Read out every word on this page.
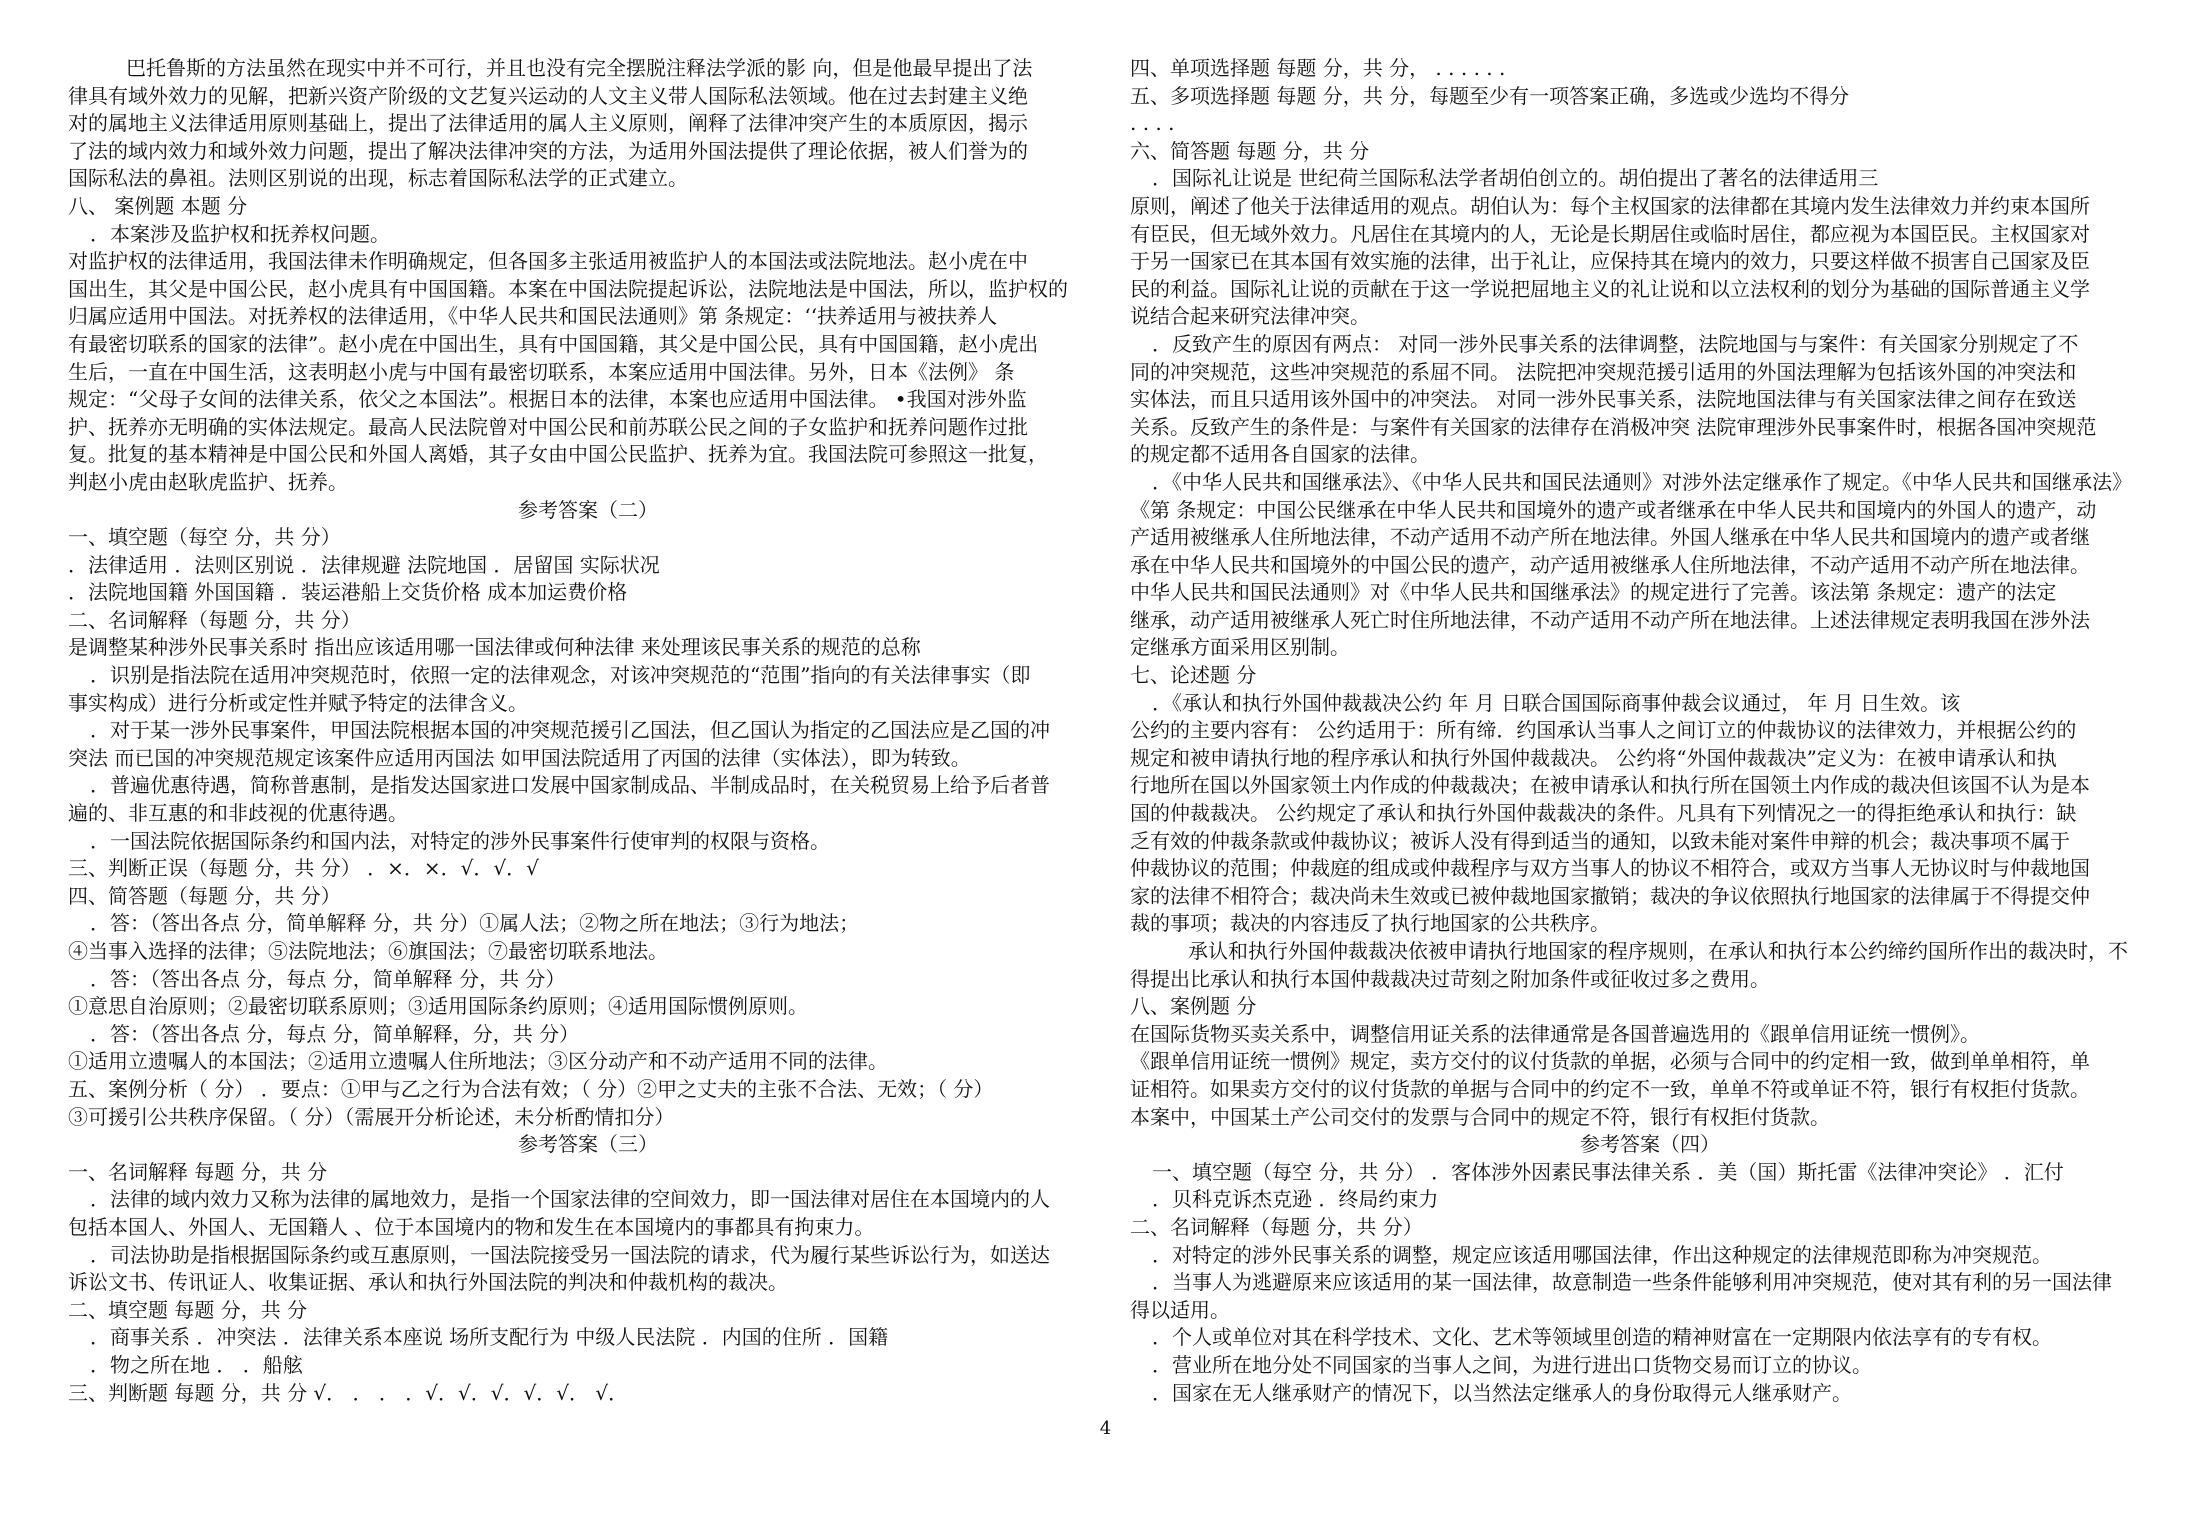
巴托鲁斯的方法虽然在现实中并不可行，并且也没有完全摆脱注释法学派的影 向，但是他最早提出了法
律具有域外效力的见解，把新兴资产阶级的文艺复兴运动的人文主义带人国际私法领域。他在过去封建主义绝
对的属地主义法律适用原则基础上，提出了法律适用的属人主义原则，阐释了法律冲突产生的本质原因，揭示
了法的域内效力和域外效力问题，提出了解决法律冲突的方法，为适用外国法提供了理论依据，被人们誉为的
国际私法的鼻祖。法则区别说的出现，标志着国际私法学的正式建立。
八、 案例题 本题 分
．本案涉及监护权和抚养权问题。
对监护权的法律适用，我国法律未作明确规定，但各国多主张适用被监护人的本国法或法院地法。赵小虎在中
国出生，其父是中国公民，赵小虎具有中国国籍。本案在中国法院提起诉讼，法院地法是中国法，所以，监护权的
归属应适用中国法。对抚养权的法律适用，《中华人民共和国民法通则》第 条规定：‘‘扶养适用与被扶养人
有最密切联系的国家的法律”。赵小虎在中国出生，具有中国国籍，其父是中国公民，具有中国国籍，赵小虎出
生后，一直在中国生活，这表明赵小虎与中国有最密切联系，本案应适用中国法律。另外，日本《法例》 条
规定：“父母子女间的法律关系，依父之本国法”。根据日本的法律，本案也应适用中国法律。 •我国对涉外监
护、抚养亦无明确的实体法规定。最高人民法院曾对中国公民和前苏联公民之间的子女监护和抚养问题作过批
复。批复的基本精神是中国公民和外国人离婚，其子女由中国公民监护、抚养为宜。我国法院可参照这一批复，
判赵小虎由赵耿虎监护、抚养。
参考答案（二）
一、填空题（每空 分，共 分）
．法律适用 ．法则区别说 ．法律规避 法院地国 ．居留国 实际状况
．法院地国籍 外国国籍 ．装运港船上交货价格 成本加运费价格
二、名词解释（每题 分，共 分）
是调整某种涉外民事关系时 指出应该适用哪一国法律或何种法律 来处理该民事关系的规范的总称
．识别是指法院在适用冲突规范时，依照一定的法律观念，对该冲突规范的“范围”指向的有关法律事实（即
事实构成）进行分析或定性并赋予特定的法律含义。
．对于某一涉外民事案件，甲国法院根据本国的冲突规范援引乙国法，但乙国认为指定的乙国法应是乙国的冲
突法 而已国的冲突规范规定该案件应适用丙国法 如甲国法院适用了丙国的法律（实体法），即为转致。
．普遍优惠待遇，简称普惠制，是指发达国家进口发展中国家制成品、半制成品时，在关税贸易上给予后者普
遍的、非互惠的和非歧视的优惠待遇。
．一国法院依据国际条约和国内法，对特定的涉外民事案件行使审判的权限与资格。
三、判断正误（每题 分，共 分） ．×．×．√．√．√
四、简答题（每题 分，共 分）
．答：（答出各点 分，简单解释 分，共 分）①属人法；②物之所在地法；③行为地法；
④当事入选择的法律；⑤法院地法；⑥旗国法；⑦最密切联系地法。
．答：（答出各点 分，每点 分，简单解释 分，共 分）
①意思自治原则；②最密切联系原则；③适用国际条约原则；④适用国际惯例原则。
．答：（答出各点 分，每点 分，简单解释，分，共 分）
①适用立遗嘱人的本国法；②适用立遗嘱人住所地法；③区分动产和不动产适用不同的法律。
五、案例分析（ 分） ．要点：①甲与乙之行为合法有效；（ 分）②甲之丈夫的主张不合法、无效；（ 分）
③可援引公共秩序保留。（ 分）（需展开分析论述，未分析酌情扣分）
参考答案（三）
一、名词解释 每题 分，共 分
．法律的域内效力又称为法律的属地效力，是指一个国家法律的空间效力，即一国法律对居住在本国境内的人
包括本国人、外国人、无国籍人 、位于本国境内的物和发生在本国境内的事都具有拘束力。
．司法协助是指根据国际条约或互惠原则，一国法院接受另一国法院的请求，代为履行某些诉讼行为，如送达
诉讼文书、传讯证人、收集证据、承认和执行外国法院的判决和仲裁机构的裁决。
二、填空题 每题 分，共 分
．商事关系 ．冲突法 ．法律关系本座说 场所支配行为 中级人民法院 ．内国的住所 ．国籍
．物之所在地 ． ．船舷
三、判断题 每题 分，共 分 √． ． ． ．√．√．√．√．√． √．
四、单项选择题 每题 分，共 分， . . . . . .
五、多项选择题 每题 分，共 分，每题至少有一项答案正确，多选或少选均不得分
. . . .
六、简答题 每题 分，共 分
．国际礼让说是 世纪荷兰国际私法学者胡伯创立的。胡伯提出了著名的法律适用三
原则，阐述了他关于法律适用的观点。胡伯认为：每个主权国家的法律都在其境内发生法律效力并约束本国所
有臣民，但无域外效力。凡居住在其境内的人，无论是长期居住或临时居住，都应视为本国臣民。主权国家对
于另一国家已在其本国有效实施的法律，出于礼让，应保持其在境内的效力，只要这样做不损害自己国家及臣
民的利益。国际礼让说的贡献在于这一学说把屈地主义的礼让说和以立法权利的划分为基础的国际普通主义学
说结合起来研究法律冲突。
．反致产生的原因有两点： 对同一涉外民事关系的法律调整，法院地国与与案件：有关国家分别规定了不
同的冲突规范，这些冲突规范的系屈不同。 法院把冲突规范援引适用的外国法理解为包括该外国的冲突法和
实体法，而且只适用该外国中的冲突法。 对同一涉外民事关系，法院地国法律与有关国家法律之间存在致送
关系。反致产生的条件是：与案件有关国家的法律存在消极冲突 法院审理涉外民事案件时，根据各国冲突规范
的规定都不适用各自国家的法律。
．《中华人民共和国继承法》、《中华人民共和国民法通则》对涉外法定继承作了规定。《中华人民共和国继承法》
《第 条规定：中国公民继承在中华人民共和国境外的遗产或者继承在中华人民共和国境内的外国人的遗产，动
产适用被继承人住所地法律，不动产适用不动产所在地法律。外国人继承在中华人民共和国境内的遗产或者继
承在中华人民共和国境外的中国公民的遗产，动产适用被继承人住所地法律，不动产适用不动产所在地法律。
中华人民共和国民法通则》对《中华人民共和国继承法》的规定进行了完善。该法第 条规定：遗产的法定
继承，动产适用被继承人死亡时住所地法律，不动产适用不动产所在地法律。上述法律规定表明我国在涉外法
定继承方面采用区别制。
七、论述题 分
．《承认和执行外国仲裁裁决公约 年 月 日联合国国际商事仲裁会议通过， 年 月 日生效。该
公约的主要内容有： 公约适用于：所有缔．约国承认当事人之间订立的仲裁协议的法律效力，并根据公约的
规定和被申请执行地的程序承认和执行外国仲裁裁决。 公约将“外国仲裁裁决”定义为：在被申请承认和执
行地所在国以外国家领土内作成的仲裁裁决；在被申请承认和执行所在国领土内作成的裁决但该国不认为是本
国的仲裁裁决。 公约规定了承认和执行外国仲裁裁决的条件。凡具有下列情况之一的得拒绝承认和执行：缺
乏有效的仲裁条款或仲裁协议；被诉人没有得到适当的通知，以致未能对案件申辩的机会；裁决事项不属于
仲裁协议的范围；仲裁庭的组成或仲裁程序与双方当事人的协议不相符合，或双方当事人无协议时与仲裁地国
家的法律不相符合；裁决尚未生效或已被仲裁地国家撤销；裁决的争议依照执行地国家的法律属于不得提交仲
裁的事项；裁决的内容违反了执行地国家的公共秩序。
承认和执行外国仲裁裁决依被申请执行地国家的程序规则，在承认和执行本公约缔约国所作出的裁决时，不
得提出比承认和执行本国仲裁裁决过苛刻之附加条件或征收过多之费用。
八、案例题 分
在国际货物买卖关系中，调整信用证关系的法律通常是各国普遍选用的《跟单信用证统一惯例》。
《跟单信用证统一惯例》规定，卖方交付的议付货款的单据，必须与合同中的约定相一致，做到单单相符，单
证相符。如果卖方交付的议付货款的单据与合同中的约定不一致，单单不符或单证不符，银行有权拒付货款。
本案中，中国某土产公司交付的发票与合同中的规定不符，银行有权拒付货款。
参考答案（四）
一、填空题（每空 分，共 分） ．客体涉外因素民事法律关系 ．美（国）斯托雷《法律冲突论》 ．汇付
．贝科克诉杰克逊 ．终局约束力
二、名词解释（每题 分，共 分）
．对特定的涉外民事关系的调整，规定应该适用哪国法律，作出这种规定的法律规范即称为冲突规范。
．当事人为逃避原来应该适用的某一国法律，故意制造一些条件能够利用冲突规范，使对其有利的另一国法律
得以适用。
．个人或单位对其在科学技术、文化、艺术等领域里创造的精神财富在一定期限内依法享有的专有权。
．营业所在地分处不同国家的当事人之间，为进行进出口货物交易而订立的协议。
．国家在无人继承财产的情况下，以当然法定继承人的身份取得元人继承财产。
4
